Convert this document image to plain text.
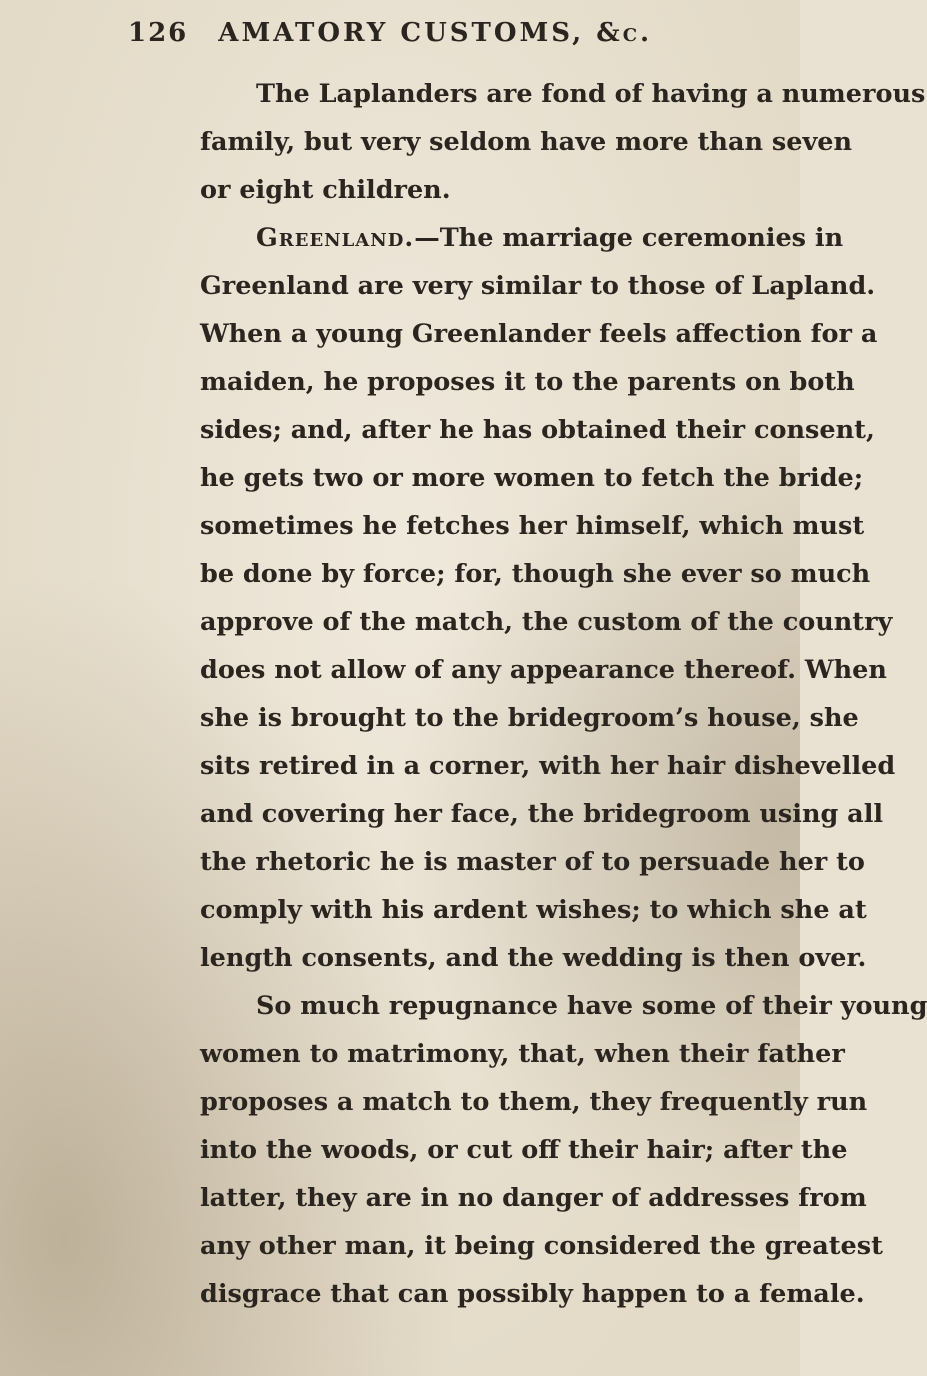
126 AMATORY CUSTOMS, &c.

The Laplanders are fond of having a numerous
family, but very seldom have more than seven
or eight children.

Greenland.—The marriage ceremonies in
Greenland are very similar to those of Lapland.
When a young Greenlander feels affection for a
maiden, he proposes it to the parents on both
sides; and, after he has obtained their consent,
he gets two or more women to fetch the bride;
sometimes he fetches her himself, which must
be done by force; for, though she ever so much
approve of the match, the custom of the country
does not allow of any appearance thereof. When
she is brought to the bridegroom’s house, she
sits retired in a corner, with her hair dishevelled
and covering her face, the bridegroom using all
the rhetoric he is master of to persuade her to
comply with his ardent wishes; to which she at
length consents, and the wedding is then over.

So much repugnance have some of their young
women to matrimony, that, when their father
proposes a match to them, they frequently run
into the woods, or cut off their hair; after the
latter, they are in no danger of addresses from
any other man, it being considered the greatest
disgrace that can possibly happen to a female.
